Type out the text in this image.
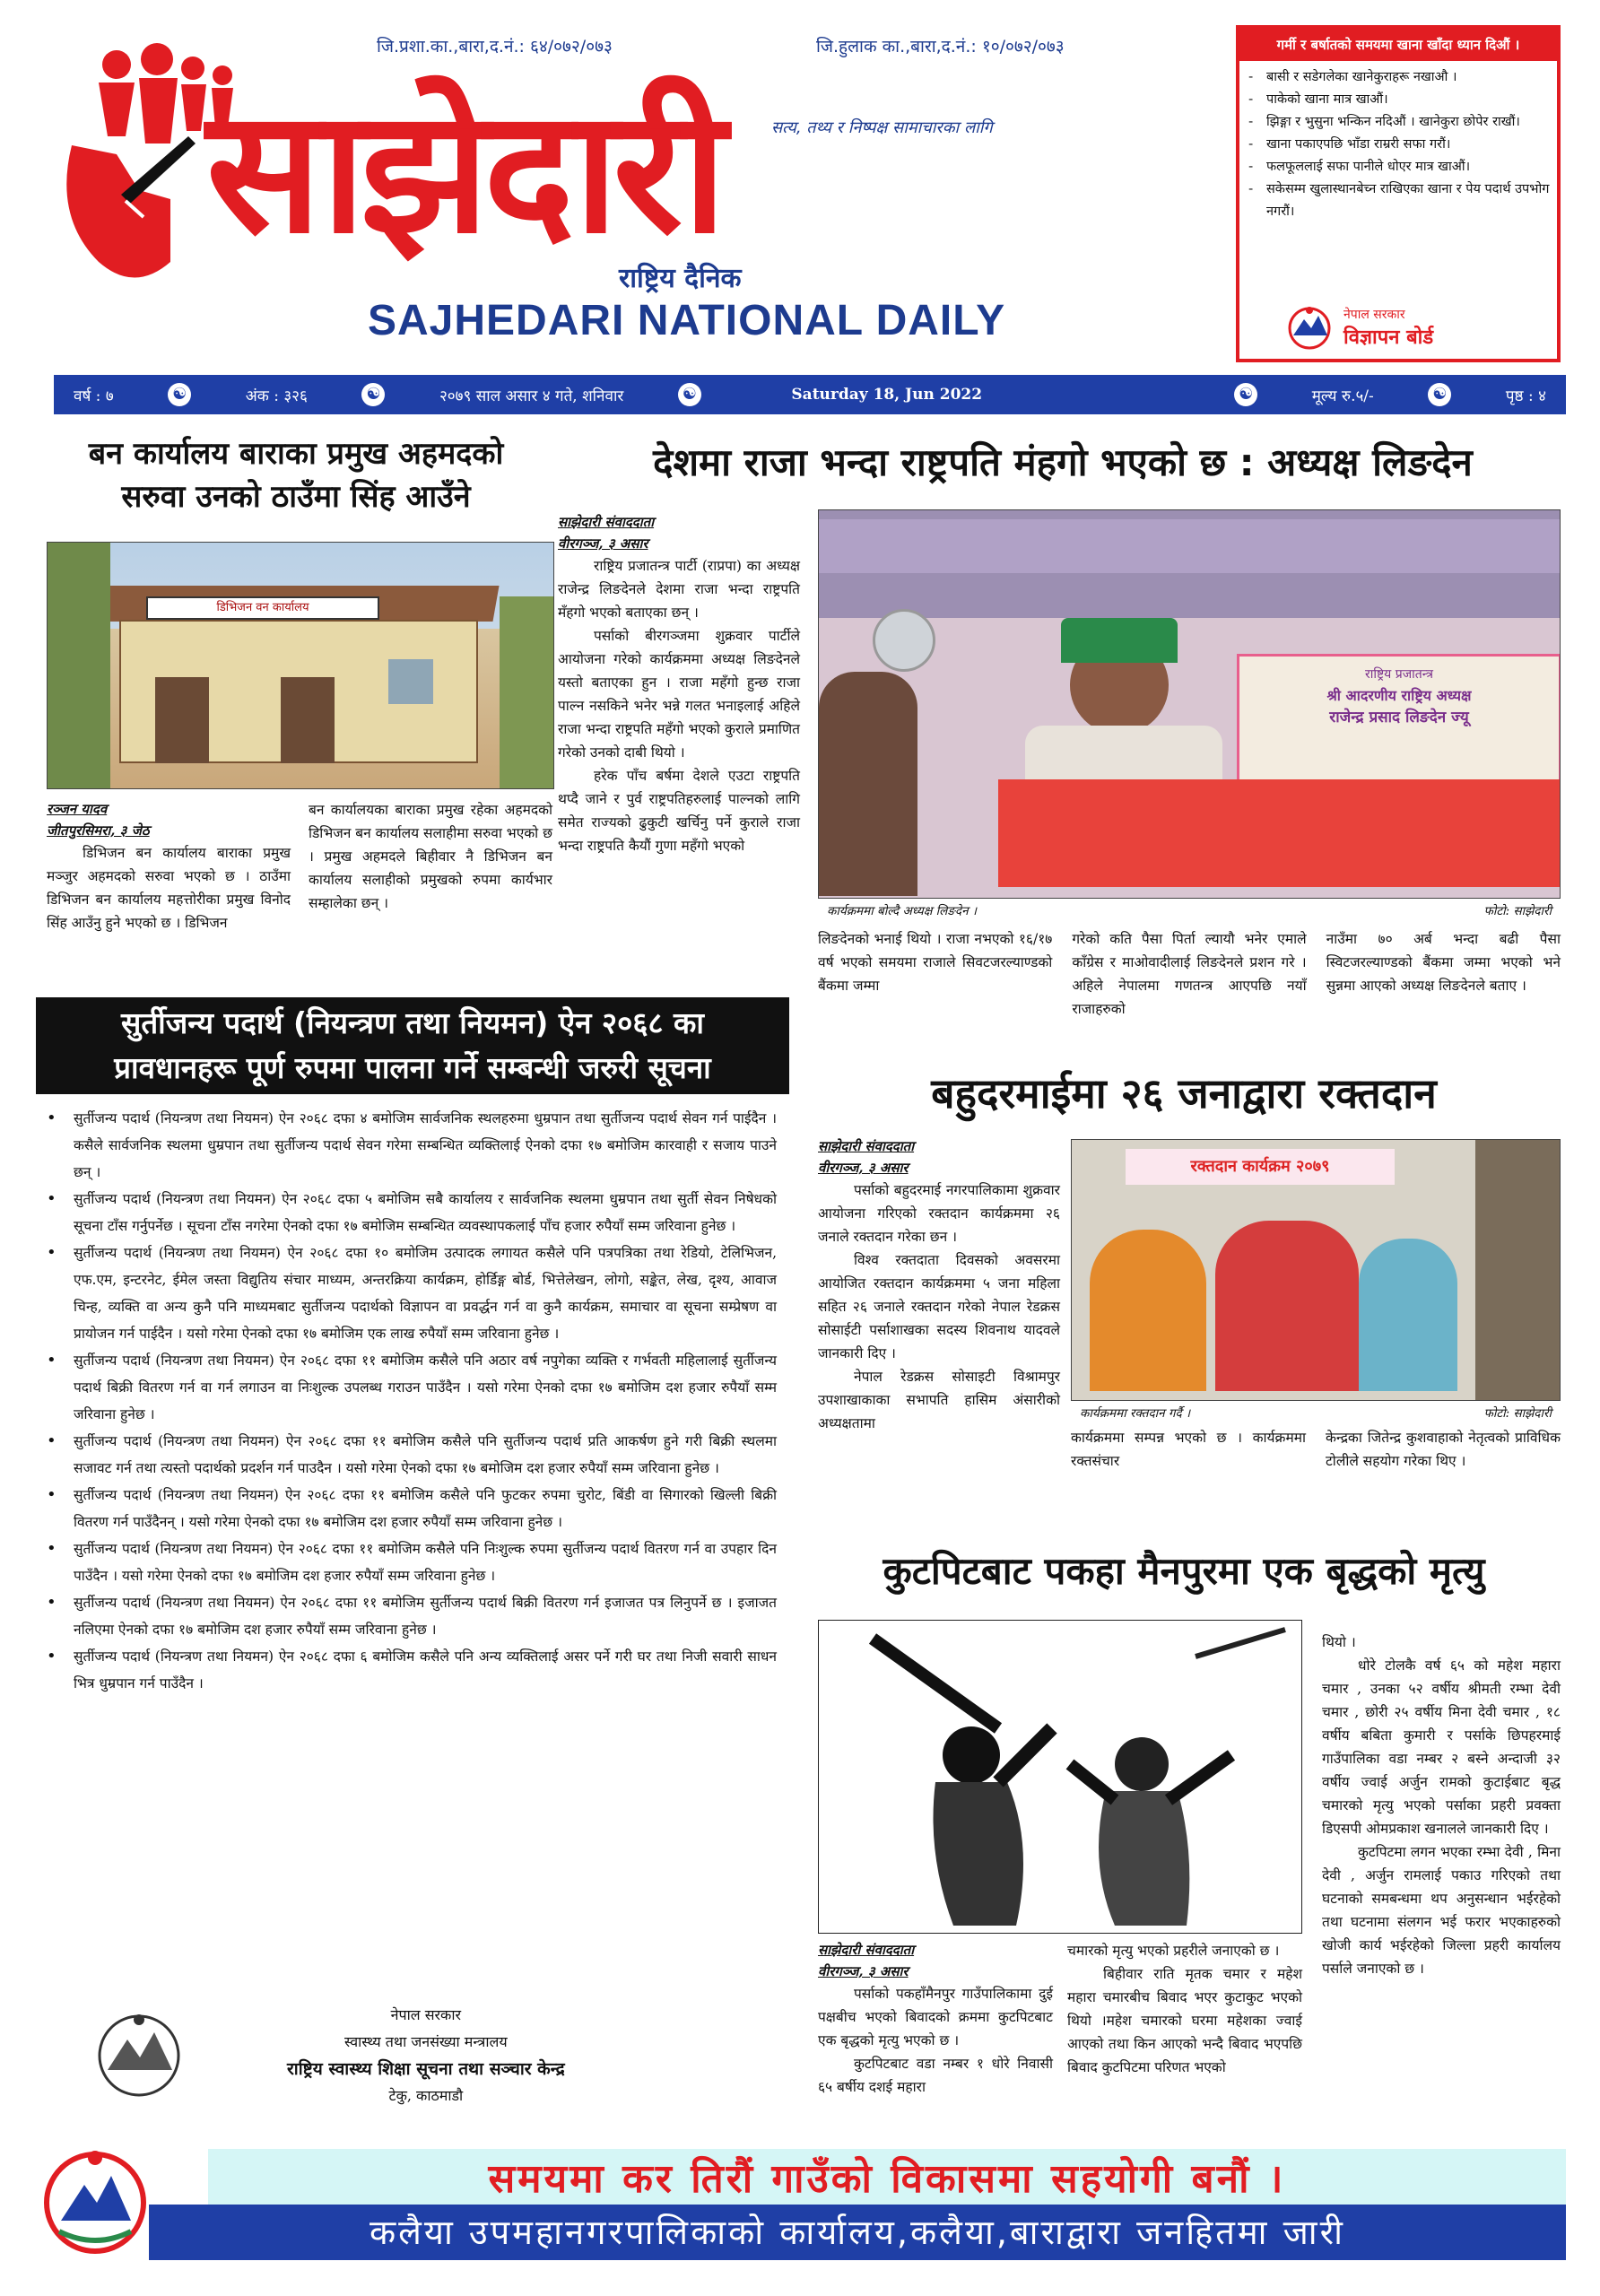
जि.प्रशा.का.,बारा,द.नं.: ६४/०७२/०७३	जि.हुलाक का.,बारा,द.नं.: १०/०७२/०७३
साझेदारी	सत्य, तथ्य र निष्पक्ष सामाचारका लागि
राष्ट्रिय दैनिक
SAJHEDARI NATIONAL DAILY
गर्मी र बर्षातको समयमा खाना खाँदा ध्यान दिऔं ।
-	बासी र सडेगलेका खानेकुराहरू नखाऔ ।
-	पाकेको खाना मात्र खाऔं।
-	झिङ्गा र भुसुना भन्किन नदिऔं । खानेकुरा छोपेर राखौं।
-	खाना पकाएपछि भाँडा राम्ररी सफा गरौं।
-	फलफूललाई सफा पानीले धोएर मात्र खाऔं।
-	सकेसम्म खुलास्थानबेच्न राखिएका खाना र पेय पदार्थ उपभोग नगरौं।
नेपाल सरकार
विज्ञापन बोर्ड
वर्ष : ७	☯	अंक : ३२६	☯	२०७९ साल असार ४ गते, शनिवार	☯	Saturday 18, Jun 2022	☯	मूल्य रु.५/-	☯	पृष्ठ : ४
बन कार्यालय बाराका प्रमुख अहमदको
सरुवा उनको ठाउँमा सिंह आउँने
डिभिजन वन कार्यालय
रञ्जन यादव
जीतपुरसिमरा, ३ जेठ

डिभिजन बन कार्यालय बाराका प्रमुख मञ्जुर अहमदको सरुवा भएको छ । ठाउँमा डिभिजन बन कार्यालय महत्तोरीका प्रमुख विनोद सिंह आउँनु हुने भएको छ । डिभिजन

बन कार्यालयका बाराका प्रमुख रहेका अहमदको डिभिजन बन कार्यालय सलाहीमा सरुवा भएको छ । प्रमुख अहमदले बिहीवार नै डिभिजन बन कार्यालय सलाहीको प्रमुखको रुपमा कार्यभार सम्हालेका छन् ।

देशमा राजा भन्दा राष्ट्रपति मंहगो भएको छ : अध्यक्ष लिङदेन
साझेदारी संवाददाता
वीरगञ्ज, ३ असार

राष्ट्रिय प्रजातन्त्र पार्टी (राप्रपा) का अध्यक्ष राजेन्द्र लिङदेनले देशमा राजा भन्दा राष्ट्रपति मँहगो भएको बताएका छन् ।

पर्साको बीरगञ्जमा शुक्रवार पार्टीले आयोजना गरेको कार्यक्रममा अध्यक्ष लिङदेनले यस्तो बताएका हुन । राजा महँगो हुन्छ राजा पाल्न नसकिने भनेर भन्ने गलत भनाइलाई अहिले राजा भन्दा राष्ट्रपति महँगो भएको कुराले प्रमाणित गरेको उनको दाबी थियो ।

हरेक पाँच बर्षमा देशले एउटा राष्ट्रपति थप्दै जाने र पुर्व राष्ट्रपतिहरुलाई पाल्नको लागि समेत राज्यको ढुकुटी खर्चिनु पर्ने कुराले राजा भन्दा राष्ट्रपति कैयौं गुणा महँगो भएको

राष्ट्रिय प्रजातन्त्र
श्री आदरणीय राष्ट्रिय अध्यक्ष
राजेन्द्र प्रसाद लिङदेन ज्यू
कार्यक्रममा बोल्दै अध्यक्ष लिङदेन ।	फोटो: साझेदारी

लिङदेनको भनाई थियो । राजा नभएको १६/१७ वर्ष भएको समयमा राजाले सिवटजरल्याण्डको बैंकमा जम्मा

गरेको कति पैसा पिर्ता ल्यायौ भनेर एमाले काँग्रेस र माओवादीलाई लिङदेनले प्रशन गरे ।अहिले नेपालमा गणतन्त्र आएपछि नयाँ राजाहरुको

नाउँमा ७० अर्ब भन्दा बढी पैसा स्विटजरल्याण्डको बैंकमा जम्मा भएको भने सुन्नमा आएको अध्यक्ष लिङदेनले बताए ।

सुर्तीजन्य पदार्थ (नियन्त्रण तथा नियमन) ऐन २०६८ का
प्रावधानहरू पूर्ण रुपमा पालना गर्ने सम्बन्धी जरुरी सूचना
• सुर्तीजन्य पदार्थ (नियन्त्रण तथा नियमन) ऐन २०६८ दफा ४ बमोजिम सार्वजनिक स्थलहरुमा धुम्रपान तथा सुर्तीजन्य पदार्थ सेवन गर्न पाईदैन । कसैले सार्वजनिक स्थलमा धुम्रपान तथा सुर्तीजन्य पदार्थ सेवन गरेमा सम्बन्धित व्यक्तिलाई ऐनको दफा १७ बमोजिम कारवाही र सजाय पाउने छन् ।
• सुर्तीजन्य पदार्थ (नियन्त्रण तथा नियमन) ऐन २०६८ दफा ५ बमोजिम सबै कार्यालय र सार्वजनिक स्थलमा धुम्रपान तथा सुर्ती सेवन निषेधको सूचना टाँस गर्नुपर्नेछ । सूचना टाँस नगरेमा ऐनको दफा १७ बमोजिम सम्बन्धित व्यवस्थापकलाई पाँच हजार रुपैयाँ सम्म जरिवाना हुनेछ ।
• सुर्तीजन्य पदार्थ (नियन्त्रण तथा नियमन) ऐन २०६८ दफा १० बमोजिम उत्पादक लगायत कसैले पनि पत्रपत्रिका तथा रेडियो, टेलिभिजन, एफ.एम, इन्टरनेट, ईमेल जस्ता विद्युतिय संचार माध्यम, अन्तरक्रिया कार्यक्रम, होर्डिङ्ग बोर्ड, भित्तेलेखन, लोगो, सङ्केत, लेख, दृश्य, आवाज चिन्ह, व्यक्ति वा अन्य कुनै पनि माध्यमबाट सुर्तीजन्य पदार्थको विज्ञापन वा प्रवर्द्धन गर्न वा कुनै कार्यक्रम, समाचार वा सूचना सम्प्रेषण वा प्रायोजन गर्न पाईदैन । यसो गरेमा ऐनको दफा १७ बमोजिम एक लाख रुपैयाँ सम्म जरिवाना हुनेछ ।
• सुर्तीजन्य पदार्थ (नियन्त्रण तथा नियमन) ऐन २०६८ दफा ११ बमोजिम कसैले पनि अठार वर्ष नपुगेका व्यक्ति र गर्भवती महिलालाई सुर्तीजन्य पदार्थ बिक्री वितरण गर्न वा गर्न लगाउन वा निःशुल्क उपलब्ध गराउन पाउँदैन । यसो गरेमा ऐनको दफा १७ बमोजिम दश हजार रुपैयाँ सम्म जरिवाना हुनेछ ।
• सुर्तीजन्य पदार्थ (नियन्त्रण तथा नियमन) ऐन २०६८ दफा ११ बमोजिम कसैले पनि सुर्तीजन्य पदार्थ प्रति आकर्षण हुने गरी बिक्री स्थलमा सजावट गर्न तथा त्यस्तो पदार्थको प्रदर्शन गर्न पाउदैन । यसो गरेमा ऐनको दफा १७ बमोजिम दश हजार रुपैयाँ सम्म जरिवाना हुनेछ ।
• सुर्तीजन्य पदार्थ (नियन्त्रण तथा नियमन) ऐन २०६८ दफा ११ बमोजिम कसैले पनि फुटकर रुपमा चुरोट, बिंडी वा सिगारको खिल्ली बिक्री वितरण गर्न पाउँदैनन् । यसो गरेमा ऐनको दफा १७ बमोजिम दश हजार रुपैयाँ सम्म जरिवाना हुनेछ ।
• सुर्तीजन्य पदार्थ (नियन्त्रण तथा नियमन) ऐन २०६८ दफा ११ बमोजिम कसैले पनि निःशुल्क रुपमा सुर्तीजन्य पदार्थ वितरण गर्न वा उपहार दिन पाउँदैन । यसो गरेमा ऐनको दफा १७ बमोजिम दश हजार रुपैयाँ सम्म जरिवाना हुनेछ ।
• सुर्तीजन्य पदार्थ (नियन्त्रण तथा नियमन) ऐन २०६८ दफा ११ बमोजिम सुर्तीजन्य पदार्थ बिक्री वितरण गर्न इजाजत पत्र लिनुपर्ने छ । इजाजत नलिएमा ऐनको दफा १७ बमोजिम दश हजार रुपैयाँ सम्म जरिवाना हुनेछ ।
• सुर्तीजन्य पदार्थ (नियन्त्रण तथा नियमन) ऐन २०६८ दफा ६ बमोजिम कसैले पनि अन्य व्यक्तिलाई असर पर्ने गरी घर तथा निजी सवारी साधन भित्र धुम्रपान गर्न पाउँदैन ।
नेपाल सरकार
स्वास्थ्य तथा जनसंख्या मन्त्रालय
राष्ट्रिय स्वास्थ्य शिक्षा सूचना तथा सञ्चार केन्द्र
टेकु, काठमाडौ
बहुदरमाईमा २६ जनाद्वारा रक्तदान
साझेदारी संवाददाता
वीरगञ्ज, ३ असार

पर्साको बहुदरमाई नगरपालिकामा शुक्रवार आयोजना गरिएको रक्तदान कार्यक्रममा २६ जनाले रक्तदान गरेका छन ।

विश्व रक्तदाता दिवसको अवसरमा आयोजित रक्तदान कार्यक्रममा ५ जना महिला सहित २६ जनाले रक्तदान गरेको नेपाल रेडक्रस सोसाईटी पर्साशाखका सदस्य शिवनाथ यादवले जानकारी दिए ।

नेपाल रेडक्रस सोसाइटी विश्रामपुर उपशाखाकाका सभापति हासिम अंसारीको अध्यक्षतामा

रक्तदान कार्यक्रम २०७९
कार्यक्रममा रक्तदान गर्दै ।	फोटो: साझेदारी

कार्यक्रममा सम्पन्न भएको छ । कार्यक्रममा रक्तसंचार

केन्द्रका जितेन्द्र कुशवाहाको नेतृत्वको प्राविधिक टोलीले सहयोग गरेका थिए ।

कुटपिटबाट पकहा मैनपुरमा एक बृद्धको मृत्यु
साझेदारी संवाददाता
वीरगञ्ज, ३ असार

पर्साको पकहाँमैनपुर गाउँपालिकामा दुई पक्षबीच भएको बिवादको क्रममा कुटपिटबाट एक बृद्धको मृत्यु भएको छ ।

कुटपिटबाट वडा नम्बर १ धोरे निवासी ६५ बर्षीय दशई महारा

चमारको मृत्यु भएको प्रहरीले जनाएको छ ।

बिहीवार राति मृतक चमार र महेश महारा चमारबीच बिवाद भएर कुटाकुट भएको थियो ।महेश चमारको घरमा महेशका ज्वाई आएको तथा किन आएको भन्दै बिवाद भएपछि बिवाद कुटपिटमा परिणत भएको

थियो ।

धोरे टोलकै वर्ष ६५ को महेश महारा चमार , उनका ५२ वर्षीय श्रीमती रम्भा देवी चमार , छोरी २५ वर्षीय मिना देवी चमार , १८ वर्षीय बबिता कुमारी र पर्साके छिपहरमाई गाउँपालिका वडा नम्बर २ बस्ने अन्दाजी ३२ वर्षीय ज्वाई अर्जुन रामको कुटाईबाट बृद्ध चमारको मृत्यु भएको पर्साका प्रहरी प्रवक्ता डिएसपी ओमप्रकाश खनालले जानकारी दिए ।

कुटपिटमा लगन भएका रम्भा देवी , मिना देवी , अर्जुन रामलाई पकाउ गरिएको तथा घटनाको समबन्धमा थप अनुसन्धान भईरहेको तथा घटनामा संलगन भई फरार भएकाहरुको खोजी कार्य भईरहेको जिल्ला प्रहरी कार्यालय पर्साले जनाएको छ ।

समयमा कर तिरौं गाउँको विकासमा सहयोगी बनौं ।
कलैया उपमहानगरपालिकाको कार्यालय,कलैया,बाराद्वारा जनहितमा जारी
